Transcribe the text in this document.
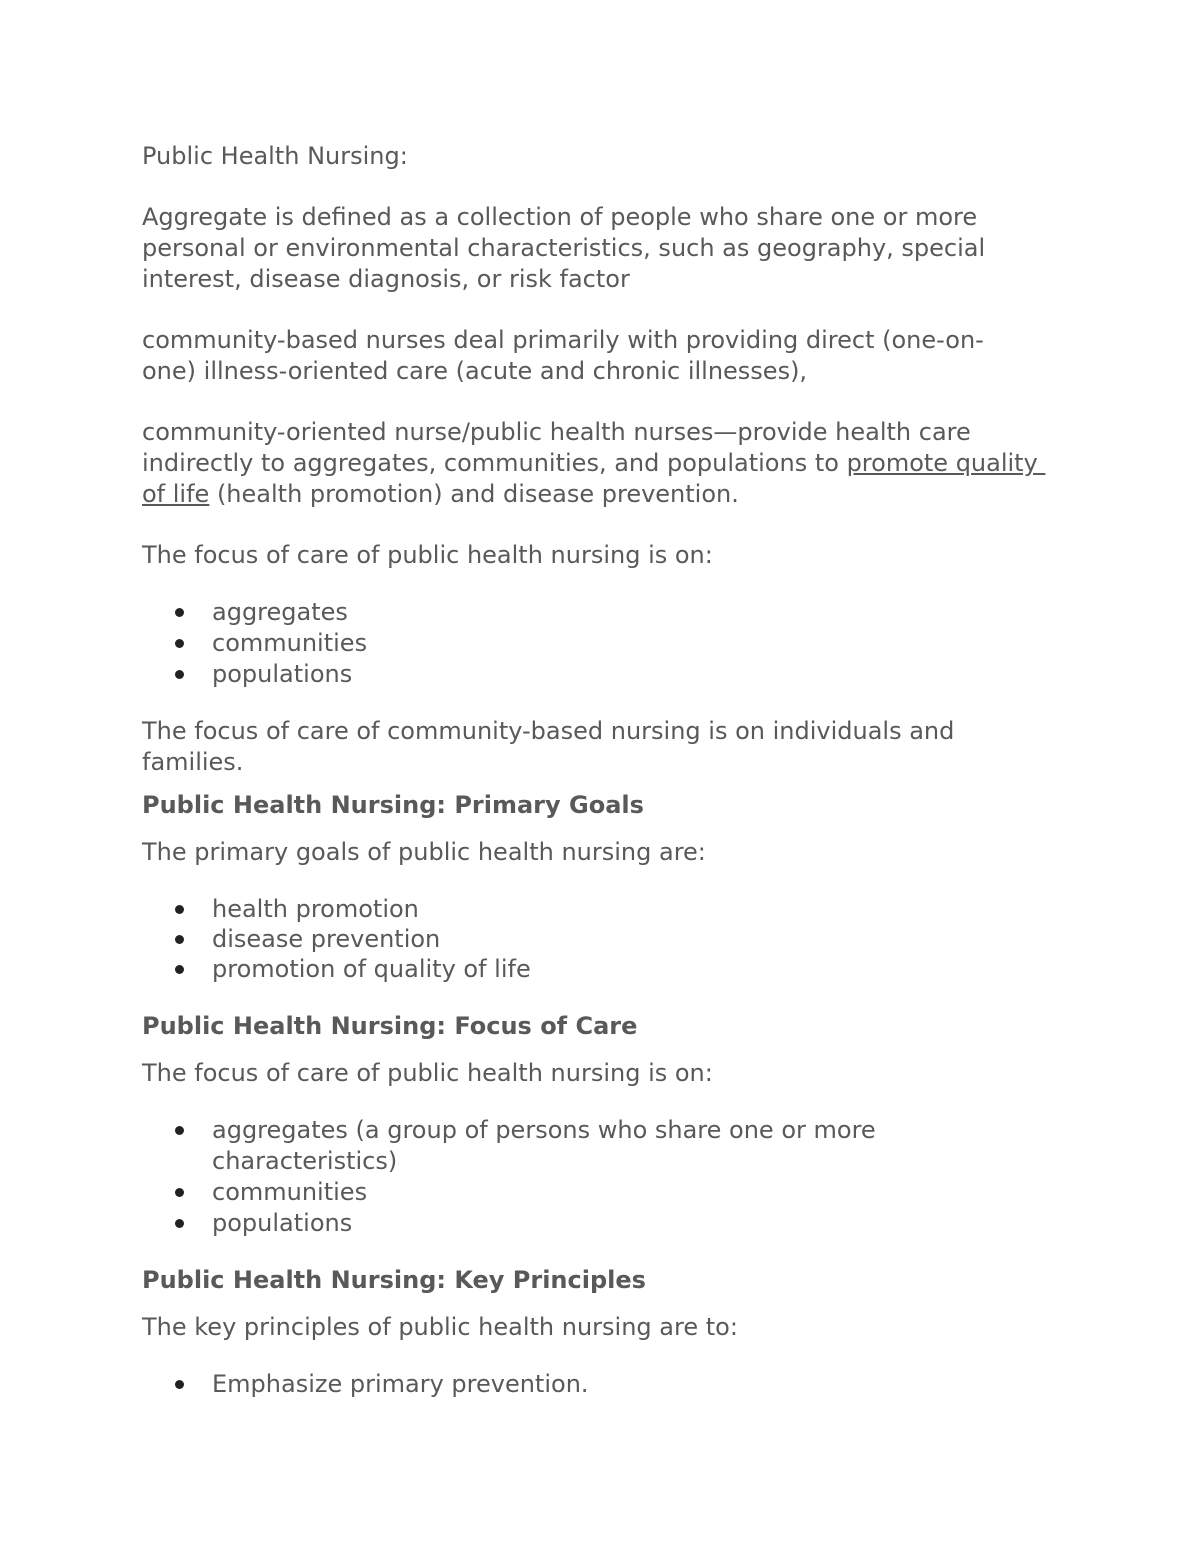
Public Health Nursing:

Aggregate is defined as a collection of people who share one or more personal or environmental characteristics, such as geography, special interest, disease diagnosis, or risk factor

community-based nurses deal primarily with providing direct (one-on-one) illness-oriented care (acute and chronic illnesses),

community-oriented nurse/public health nurses—provide health care indirectly to aggregates, communities, and populations to promote quality of life (health promotion) and disease prevention.

The focus of care of public health nursing is on:

aggregates
communities
populations

The focus of care of community-based nursing is on individuals and families.

Public Health Nursing: Primary Goals

The primary goals of public health nursing are:

health promotion
disease prevention
promotion of quality of life
Public Health Nursing: Focus of Care

The focus of care of public health nursing is on:

aggregates (a group of persons who share one or more characteristics)
communities
populations
Public Health Nursing: Key Principles

The key principles of public health nursing are to:

Emphasize primary prevention.
